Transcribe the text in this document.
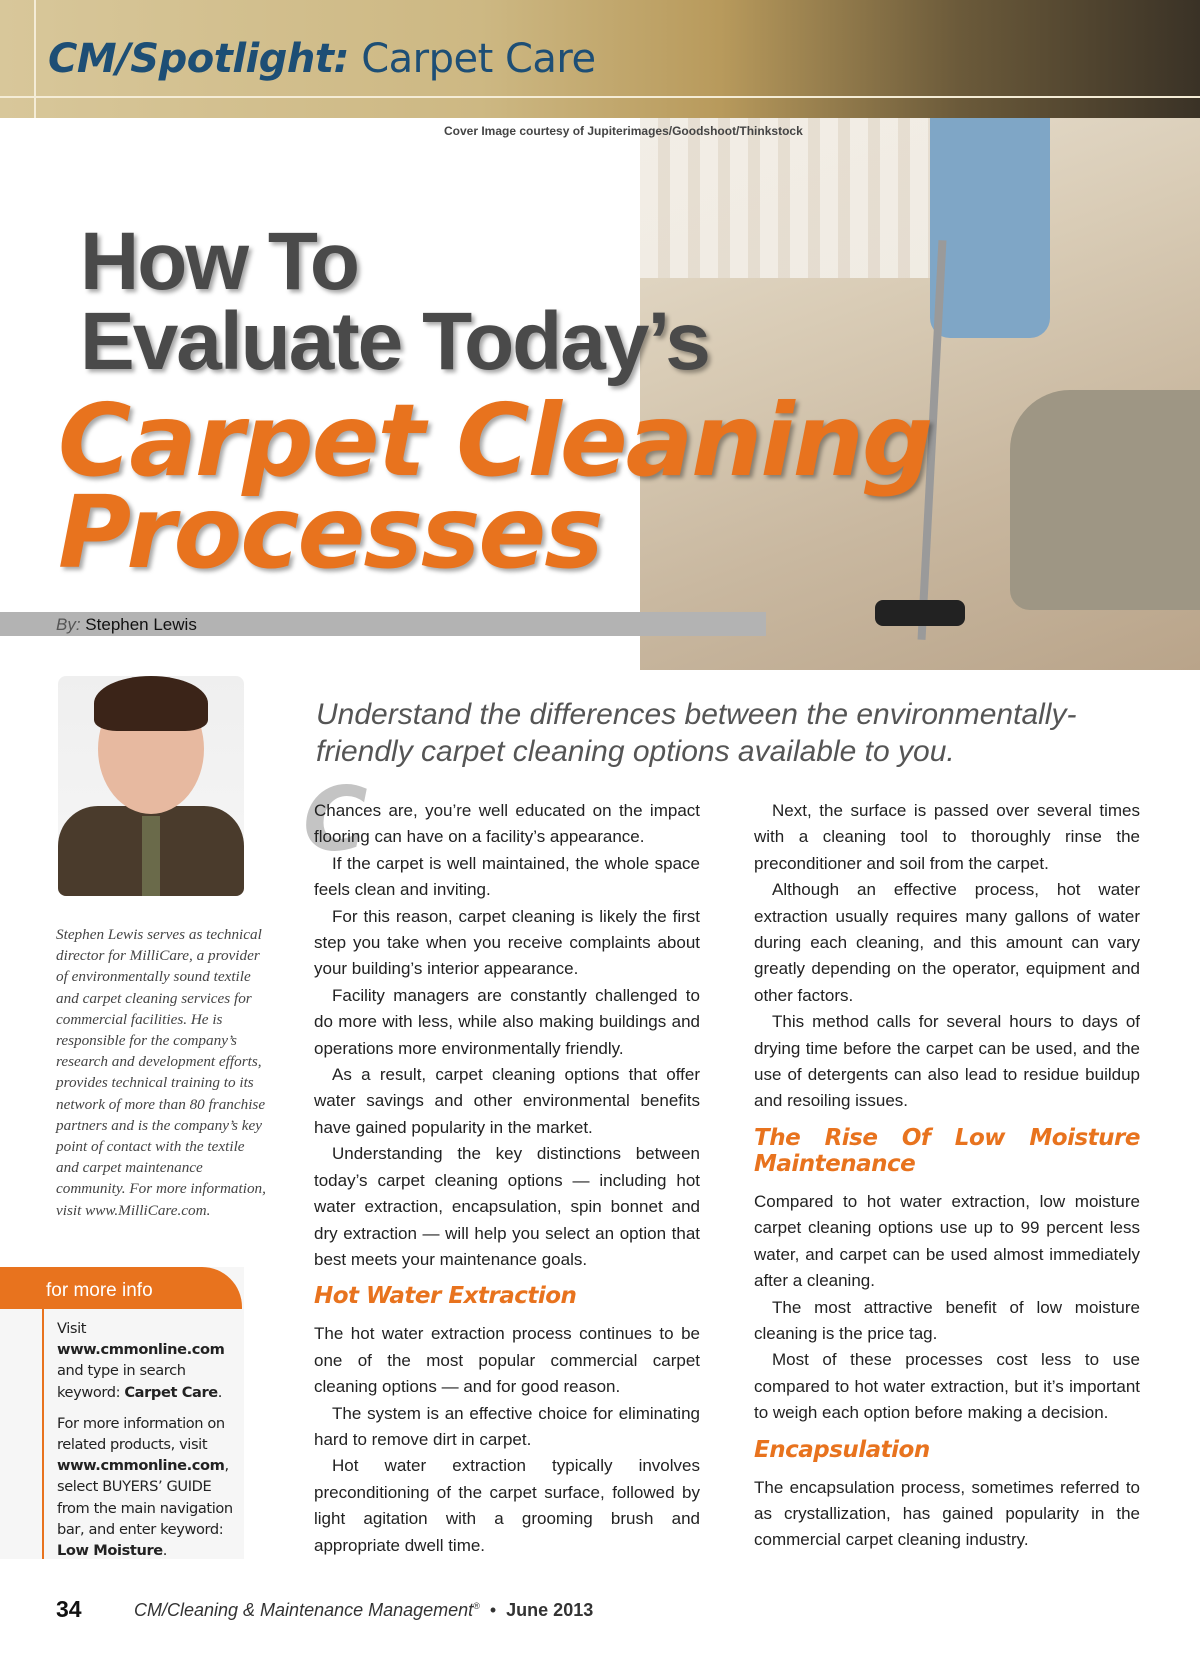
CM/Spotlight: Carpet Care
Cover Image courtesy of Jupiterimages/Goodshoot/Thinkstock
How To
Evaluate Today’s
Carpet Cleaning
Processes
By: Stephen Lewis
Stephen Lewis serves as technical director for MilliCare, a provider of environmentally sound textile and carpet cleaning services for commercial facilities. He is responsible for the company’s research and development efforts, provides technical training to its network of more than 80 franchise partners and is the company’s key point of contact with the textile and carpet maintenance community. For more information, visit www.MilliCare.com.
for more info

Visit www.cmmonline.com and type in search keyword: Carpet Care.

For more information on related products, visit www.cmmonline.com, select BUYERS’ GUIDE from the main navigation bar, and enter keyword: Low Moisture.

Understand the differences between the environmentally-friendly carpet cleaning options available to you.
C

Chances are, you’re well educated on the impact flooring can have on a facility’s appearance.

If the carpet is well maintained, the whole space feels clean and inviting.

For this reason, carpet cleaning is likely the first step you take when you receive complaints about your building’s interior appearance.

Facility managers are constantly challenged to do more with less, while also making buildings and operations more environmentally friendly.

As a result, carpet cleaning options that offer water savings and other environmental benefits have gained popularity in the market.

Understanding the key distinctions between today’s carpet cleaning options — including hot water extraction, encapsulation, spin bonnet and dry extraction — will help you select an option that best meets your maintenance goals.

Hot Water Extraction

The hot water extraction process continues to be one of the most popular commercial carpet cleaning options — and for good reason.

The system is an effective choice for eliminating hard to remove dirt in carpet.

Hot water extraction typically involves preconditioning of the carpet surface, followed by light agitation with a grooming brush and appropriate dwell time.

Next, the surface is passed over several times with a cleaning tool to thoroughly rinse the preconditioner and soil from the carpet.

Although an effective process, hot water extraction usually requires many gallons of water during each cleaning, and this amount can vary greatly depending on the operator, equipment and other factors.

This method calls for several hours to days of drying time before the carpet can be used, and the use of detergents can also lead to residue buildup and resoiling issues.

The Rise Of Low Moisture Maintenance

Compared to hot water extraction, low moisture carpet cleaning options use up to 99 percent less water, and carpet can be used almost immediately after a cleaning.

The most attractive benefit of low moisture cleaning is the price tag.

Most of these processes cost less to use compared to hot water extraction, but it’s important to weigh each option before making a decision.

Encapsulation

The encapsulation process, sometimes referred to as crystallization, has gained popularity in the commercial carpet cleaning industry.

34	CM/Cleaning & Maintenance Management® • June 2013
